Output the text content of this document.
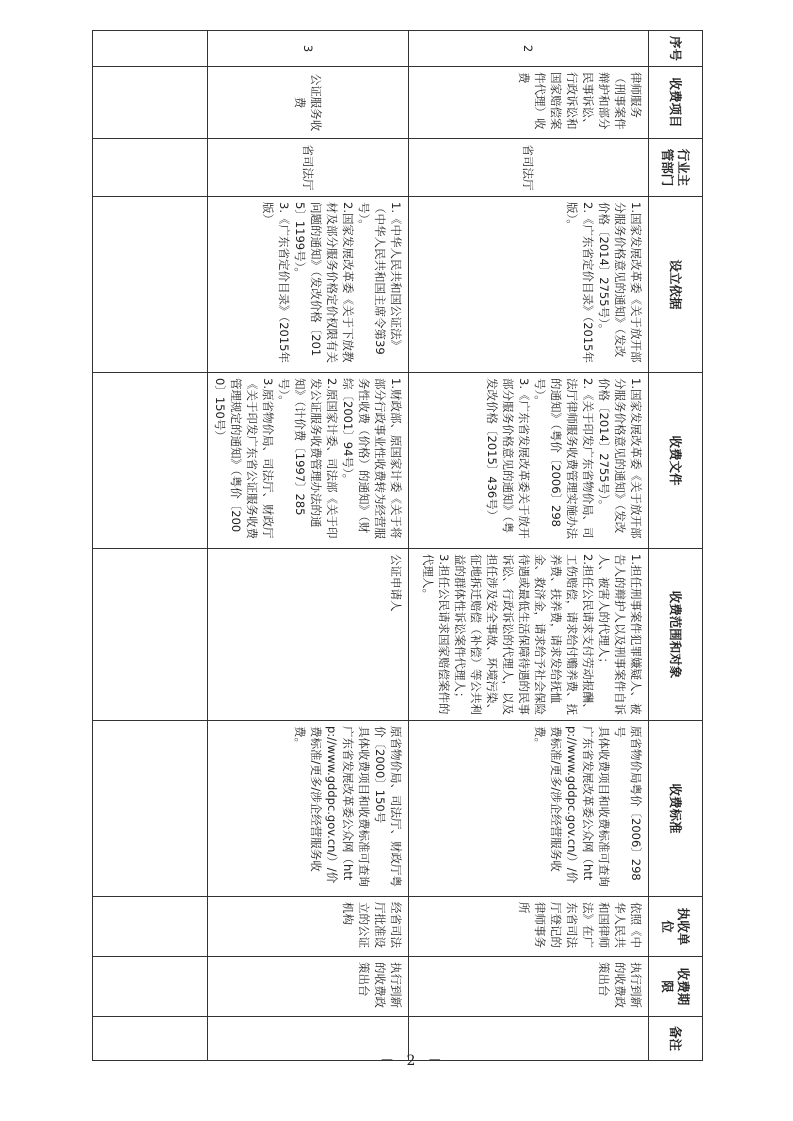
序号	收费项目	行业主管部门	设立依据	收费文件	收费范围和对象	收费标准	执收单位	收费期限	备注
2	律师服务（刑事案件辩护和部分民事诉讼、行政诉讼和国家赔偿案件代理）收费	省司法厅	1.国家发展改革委《关于放开部分服务价格意见的通知》（发改价格〔2014〕2755号）。
2.《广东省定价目录》（2015年版）。	1.国家发展改革委《关于放开部分服务价格意见的通知》（发改价格〔2014〕2755号）。
2.《关于印发广东省物价局、司法厅律师服务收费管理实施办法的通知》（粤价〔2006〕298号）。
3.《广东省发展改革委关于放开部分服务价格意见的通知》（粤发改价格〔2015〕436号）	1.担任刑事案件犯罪嫌疑人、被告人的辩护人以及刑事案件自诉人、被害人的代理人；
2.担任公民请求支付劳动报酬、工伤赔偿，请求给付赡养费、抚养费、扶养费，请求发给抚恤金、救济金，请求给予社会保险待遇或最低生活保障待遇的民事诉讼、行政诉讼的代理人，以及担任涉及安全事故、环境污染、征地拆迁赔偿（补偿）等公共利益的群体性诉讼案件代理人；
3.担任公民请求国家赔偿案件的代理人。	原省物价局粤价〔2006〕298号
具体收费项目和收费标准可查询广东省发展改革委公众网（http://www.gddpc.gov.cn/）/价费标准/更多/涉企经营服务收费。	依照《中华人民共和国律师法》在广东省司法厅登记的律师事务所	执行到新的收费政策出台	
3	公证服务收费	省司法厅	1.《中华人民共和国公证法》（中华人民共和国主席令第39号）。
2.国家发展改革委《关于下放教材及部分服务价格定价权限有关问题的通知》（发改价格〔2015〕1199号）。
3.《广东省定价目录》（2015年版）	1.财政部、原国家计委《关于将部分行政事业性收费转为经营服务性收费（价格）的通知》（财综〔2001〕94号）。
2.原国家计委、司法部《关于印发公证服务收费管理办法的通知》（计价费〔1997〕285号）。
3.原省物价局、司法厅、财政厅《关于印发广东省公证服务收费管理规定的通知》（粤价〔2000〕150号）	公证申请人	原省物价局、司法厅、财政厅粤价〔2000〕150号
具体收费项目和收费标准可查询广东省发展改革委公众网（http://www.gddpc.gov.cn/）/价费标准/更多/涉企经营服务收费。	经省司法厅批准设立的公证机构	执行到新的收费政策出台	

－ 2 －
